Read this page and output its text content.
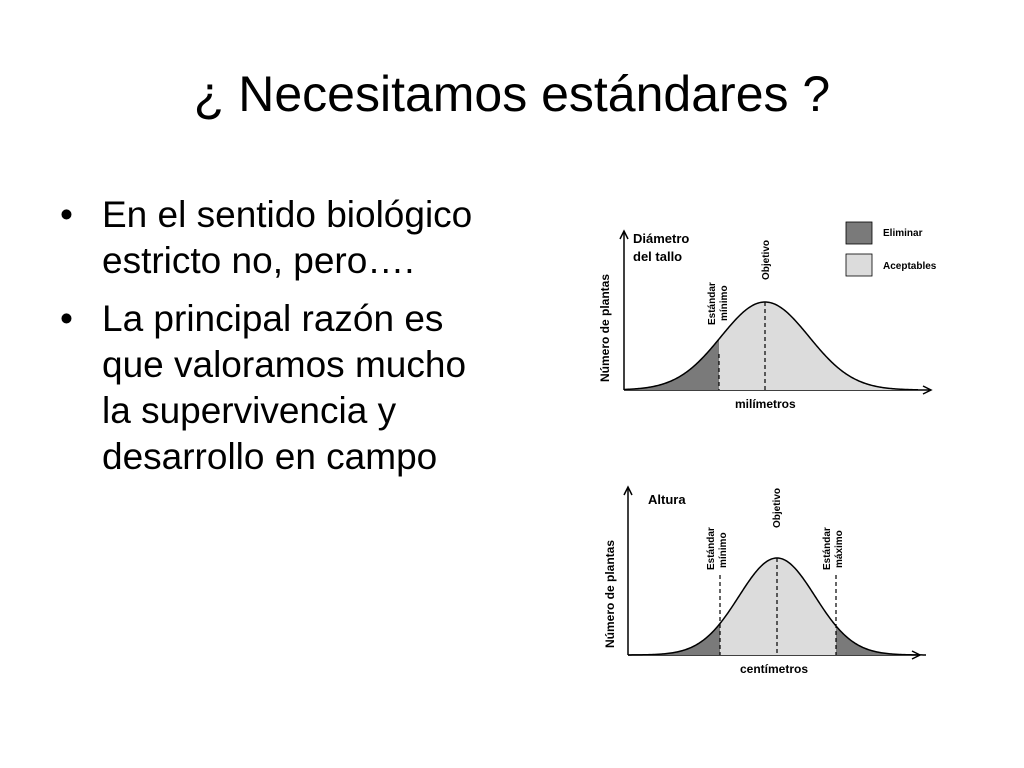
¿ Necesitamos estándares ?
• En el sentido biológico estricto no, pero….
• La principal razón es que valoramos mucho la supervivencia y desarrollo en campo
Diámetro
del tallo
Número de plantas
milímetros
Estándar mínimo
Objetivo
Eliminar
Aceptables
Altura
Número de plantas
centímetros
Estándar mínimo
Objetivo
Estándar máximo
